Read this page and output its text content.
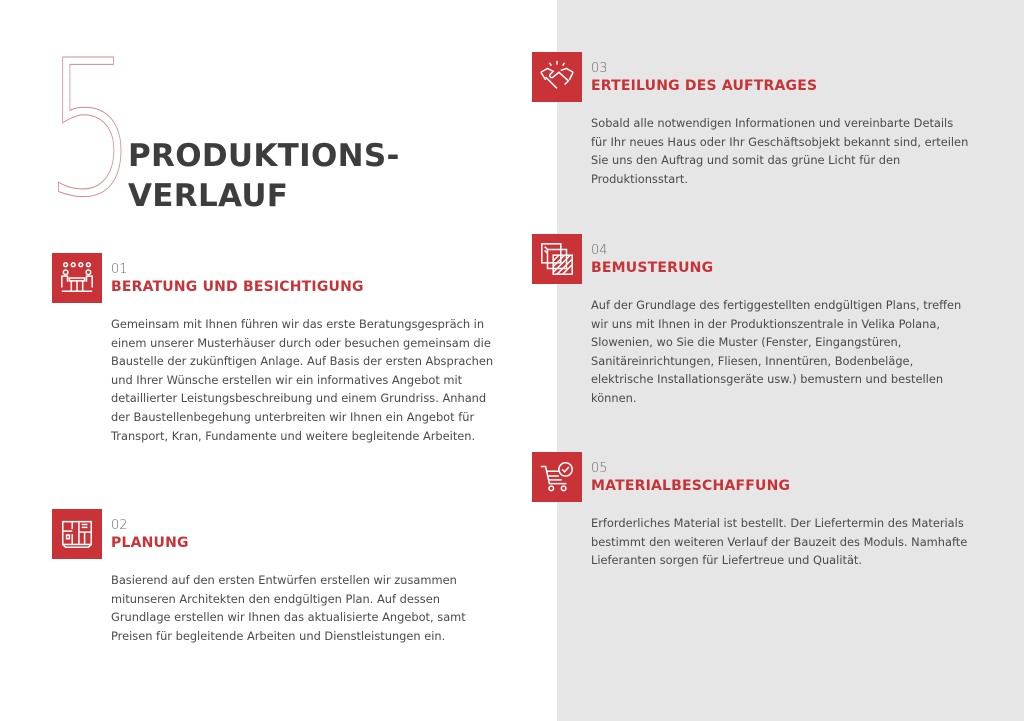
5
PRODUKTIONS-
VERLAUF
01
BERATUNG UND BESICHTIGUNG
Gemeinsam mit Ihnen führen wir das erste Beratungsgespräch in einem unserer Musterhäuser durch oder besuchen gemeinsam die Baustelle der zukünftigen Anlage. Auf Basis der ersten Absprachen und Ihrer Wünsche erstellen wir ein informatives Angebot mit detaillierter Leistungsbeschreibung und einem Grundriss. Anhand der Baustellenbegehung unterbreiten wir Ihnen ein Angebot für Transport, Kran, Fundamente und weitere begleitende Arbeiten.
02
PLANUNG
Basierend auf den ersten Entwürfen erstellen wir zusammen mitunseren Architekten den endgültigen Plan. Auf dessen Grundlage erstellen wir Ihnen das aktualisierte Angebot, samt Preisen für begleitende Arbeiten und Dienstleistungen ein.
03
ERTEILUNG DES AUFTRAGES
Sobald alle notwendigen Informationen und vereinbarte Details für Ihr neues Haus oder Ihr Geschäftsobjekt bekannt sind, erteilen Sie uns den Auftrag und somit das grüne Licht für den Produktionsstart.
04
BEMUSTERUNG
Auf der Grundlage des fertiggestellten endgültigen Plans, treffen wir uns mit Ihnen in der Produktionszentrale in Velika Polana, Slowenien, wo Sie die Muster (Fenster, Eingangstüren, Sanitäreinrichtungen, Fliesen, Innentüren, Bodenbeläge, elektrische Installationsgeräte usw.) bemustern und bestellen können.
05
MATERIALBESCHAFFUNG
Erforderliches Material ist bestellt. Der Liefertermin des Materials bestimmt den weiteren Verlauf der Bauzeit des Moduls. Namhafte Lieferanten sorgen für Liefertreue und Qualität.
